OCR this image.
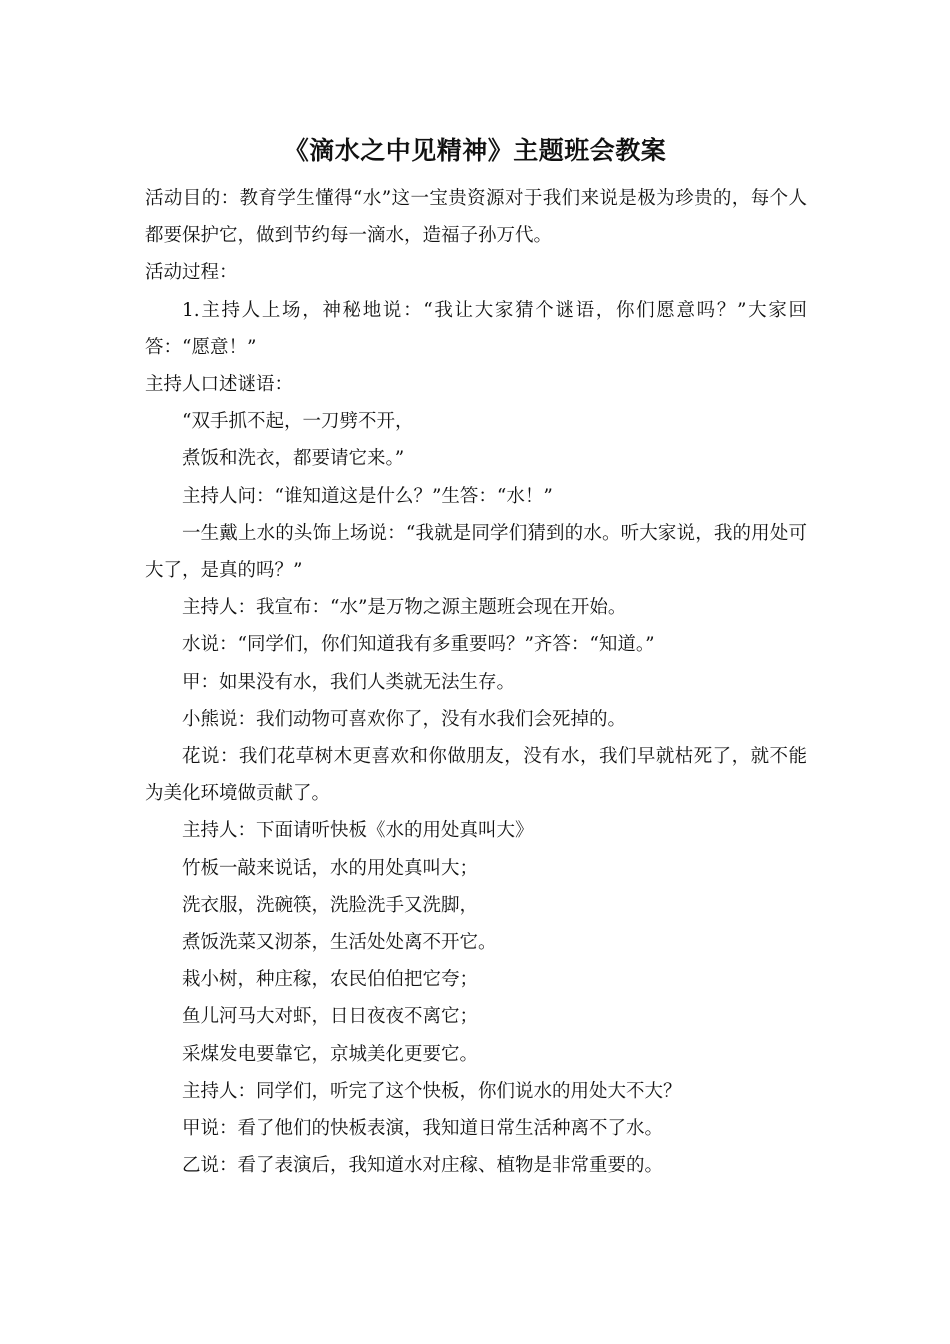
《滴水之中见精神》主题班会教案

活动目的：教育学生懂得“水”这一宝贵资源对于我们来说是极为珍贵的，每个人都要保护它，做到节约每一滴水，造福子孙万代。

活动过程：

1.主持人上场，神秘地说：“我让大家猜个谜语，你们愿意吗？”大家回答：“愿意！”

主持人口述谜语：

“双手抓不起，一刀劈不开，

煮饭和洗衣，都要请它来。”

主持人问：“谁知道这是什么？”生答：“水！”

一生戴上水的头饰上场说：“我就是同学们猜到的水。听大家说，我的用处可大了，是真的吗？”

主持人：我宣布：“水”是万物之源主题班会现在开始。

水说：“同学们，你们知道我有多重要吗？”齐答：“知道。”

甲：如果没有水，我们人类就无法生存。

小熊说：我们动物可喜欢你了，没有水我们会死掉的。

花说：我们花草树木更喜欢和你做朋友，没有水，我们早就枯死了，就不能为美化环境做贡献了。

主持人：下面请听快板《水的用处真叫大》

竹板一敲来说话，水的用处真叫大；

洗衣服，洗碗筷，洗脸洗手又洗脚，

煮饭洗菜又沏茶，生活处处离不开它。

栽小树，种庄稼，农民伯伯把它夸；

鱼儿河马大对虾，日日夜夜不离它；

采煤发电要靠它，京城美化更要它。

主持人：同学们，听完了这个快板，你们说水的用处大不大？

甲说：看了他们的快板表演，我知道日常生活种离不了水。

乙说：看了表演后，我知道水对庄稼、植物是非常重要的。
